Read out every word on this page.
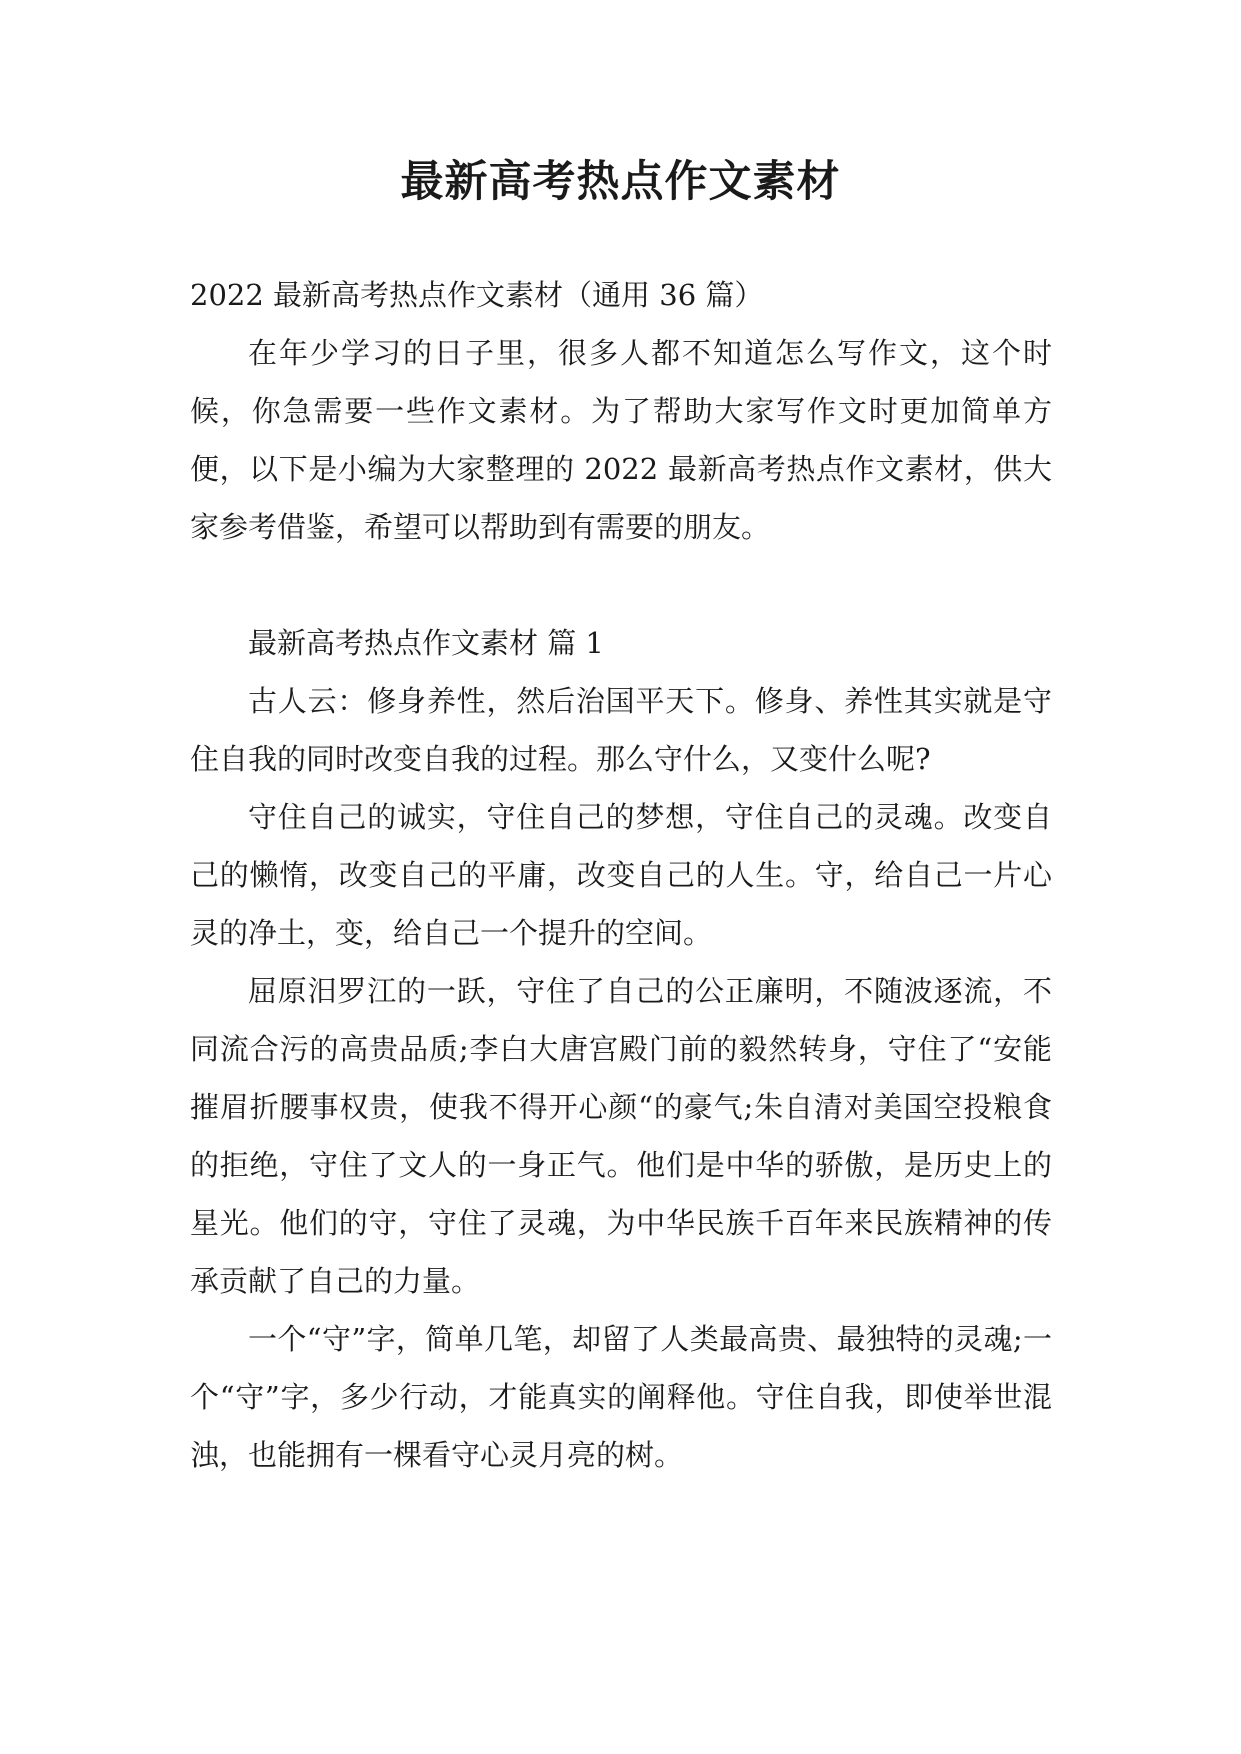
最新高考热点作文素材

2022 最新高考热点作文素材（通用 36 篇）

在年少学习的日子里，很多人都不知道怎么写作文，这个时候，你急需要一些作文素材。为了帮助大家写作文时更加简单方便，以下是小编为大家整理的 2022 最新高考热点作文素材，供大家参考借鉴，希望可以帮助到有需要的朋友。

最新高考热点作文素材 篇 1

古人云：修身养性，然后治国平天下。修身、养性其实就是守住自我的同时改变自我的过程。那么守什么，又变什么呢?

守住自己的诚实，守住自己的梦想，守住自己的灵魂。改变自己的懒惰，改变自己的平庸，改变自己的人生。守，给自己一片心灵的净土，变，给自己一个提升的空间。

屈原汨罗江的一跃，守住了自己的公正廉明，不随波逐流，不同流合污的高贵品质;李白大唐宫殿门前的毅然转身，守住了“安能摧眉折腰事权贵，使我不得开心颜“的豪气;朱自清对美国空投粮食的拒绝，守住了文人的一身正气。他们是中华的骄傲，是历史上的星光。他们的守，守住了灵魂，为中华民族千百年来民族精神的传承贡献了自己的力量。

一个“守”字，简单几笔，却留了人类最高贵、最独特的灵魂;一个“守”字，多少行动，才能真实的阐释他。守住自我，即使举世混浊，也能拥有一棵看守心灵月亮的树。
